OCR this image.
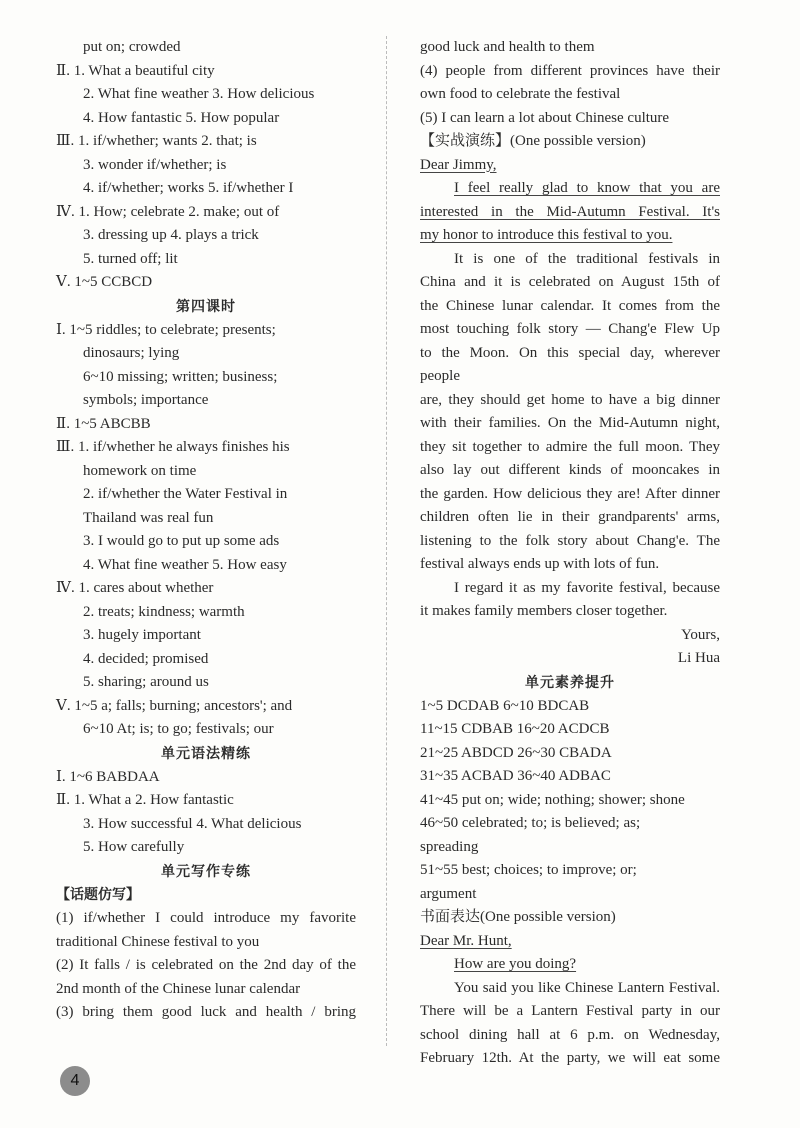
put on; crowded
Ⅱ. 1. What a beautiful city
2. What fine weather 3. How delicious
4. How fantastic 5. How popular
Ⅲ. 1. if/whether; wants 2. that; is
3. wonder if/whether; is
4. if/whether; works 5. if/whether I
Ⅳ. 1. How; celebrate 2. make; out of
3. dressing up 4. plays a trick
5. turned off; lit
Ⅴ. 1~5 CCBCD
第四课时
Ⅰ. 1~5 riddles; to celebrate; presents;
dinosaurs; lying
6~10 missing; written; business;
symbols; importance
Ⅱ. 1~5 ABCBB
Ⅲ. 1. if/whether he always finishes his
homework on time
2. if/whether the Water Festival in
Thailand was real fun
3. I would go to put up some ads
4. What fine weather 5. How easy
Ⅳ. 1. cares about whether
2. treats; kindness; warmth
3. hugely important
4. decided; promised
5. sharing; around us
Ⅴ. 1~5 a; falls; burning; ancestors'; and
6~10 At; is; to go; festivals; our
单元语法精练
Ⅰ. 1~6 BABDAA
Ⅱ. 1. What a 2. How fantastic
3. How successful 4. What delicious
5. How carefully
单元写作专练
【话题仿写】
(1) if/whether I could introduce my favorite
traditional Chinese festival to you
(2) It falls / is celebrated on the 2nd day of the
2nd month of the Chinese lunar calendar
(3) bring them good luck and health / bring
good luck and health to them
(4) people from different provinces have their
own food to celebrate the festival
(5) I can learn a lot about Chinese culture
【实战演练】(One possible version)
Dear Jimmy,
I feel really glad to know that you are
interested in the Mid-Autumn Festival. It's
my honor to introduce this festival to you.
It is one of the traditional festivals in
China and it is celebrated on August 15th of
the Chinese lunar calendar. It comes from the
most touching folk story — Chang'e Flew Up
to the Moon. On this special day, wherever people
are, they should get home to have a big dinner
with their families. On the Mid-Autumn night,
they sit together to admire the full moon. They
also lay out different kinds of mooncakes in
the garden. How delicious they are! After dinner
children often lie in their grandparents' arms,
listening to the folk story about Chang'e. The
festival always ends up with lots of fun.
I regard it as my favorite festival, because
it makes family members closer together.
Yours,
Li Hua
单元素养提升
1~5 DCDAB 6~10 BDCAB
11~15 CDBAB 16~20 ACDCB
21~25 ABDCD 26~30 CBADA
31~35 ACBAD 36~40 ADBAC
41~45 put on; wide; nothing; shower; shone
46~50 celebrated; to; is believed; as;
spreading
51~55 best; choices; to improve; or;
argument
书面表达(One possible version)
Dear Mr. Hunt,
How are you doing?
You said you like Chinese Lantern Festival.
There will be a Lantern Festival party in our
school dining hall at 6 p.m. on Wednesday,
February 12th. At the party, we will eat some
4
